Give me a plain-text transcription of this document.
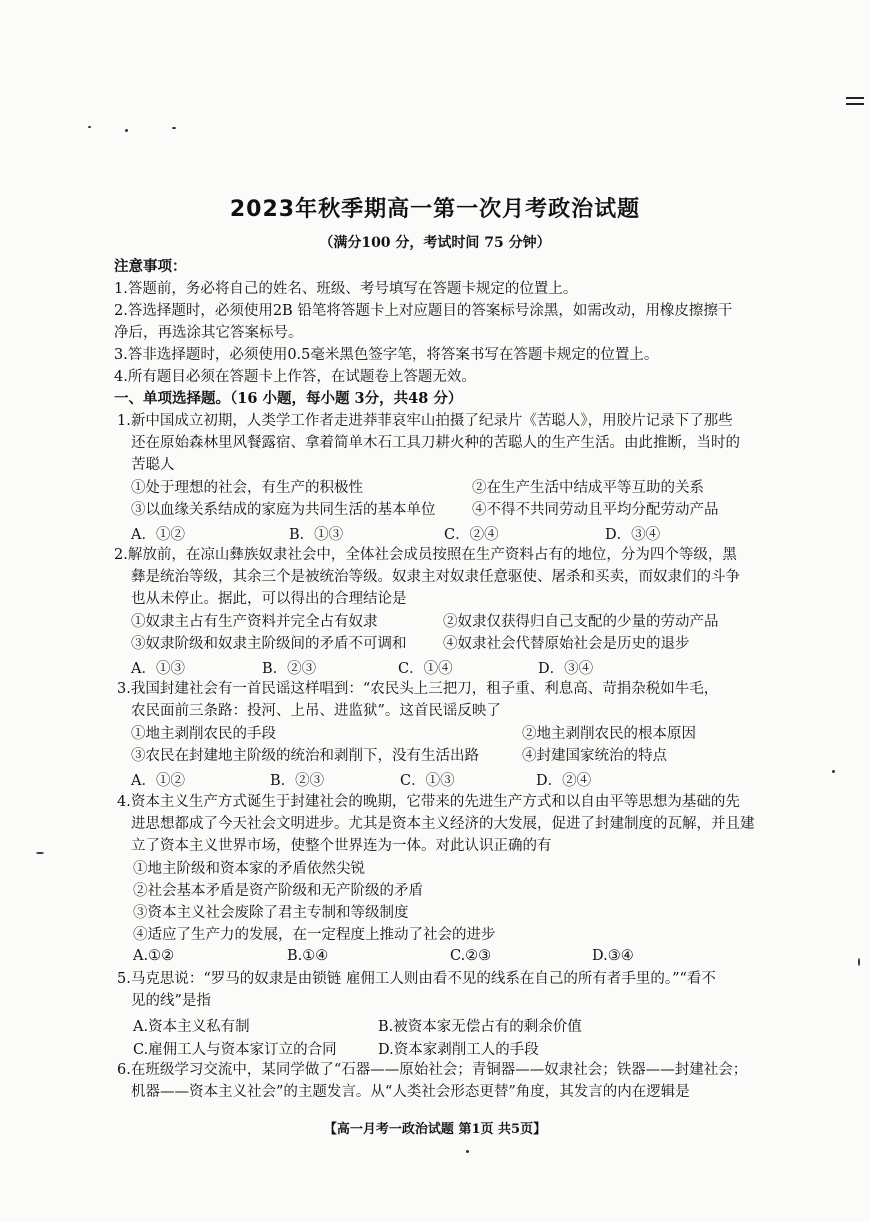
2023年秋季期高一第一次月考政治试题
（满分100 分，考试时间 75 分钟）
注意事项：
1.答题前，务必将自己的姓名、班级、考号填写在答题卡规定的位置上。
2.答选择题时，必须使用2B 铅笔将答题卡上对应题目的答案标号涂黑，如需改动，用橡皮擦擦干
净后，再选涂其它答案标号。
3.答非选择题时，必须使用0.5毫米黑色签字笔，将答案书写在答题卡规定的位置上。
4.所有题目必须在答题卡上作答，在试题卷上答题无效。
一、单项选择题。（16 小题，每小题 3分，共48 分）
1.新中国成立初期，人类学工作者走进莽菲哀牢山拍摄了纪录片《苦聪人》，用胶片记录下了那些
还在原始森林里风餐露宿、拿着简单木石工具刀耕火种的苦聪人的生产生活。由此推断，当时的
苦聪人
①处于理想的社会，有生产的积极性	②在生产生活中结成平等互助的关系
③以血缘关系结成的家庭为共同生活的基本单位	④不得不共同劳动且平均分配劳动产品
A．①②	B．①③	C．②④	D．③④
2.解放前，在凉山彝族奴隶社会中，全体社会成员按照在生产资料占有的地位，分为四个等级，黑
彝是统治等级，其余三个是被统治等级。奴隶主对奴隶任意驱使、屠杀和买卖，而奴隶们的斗争
也从未停止。据此，可以得出的合理结论是
①奴隶主占有生产资料并完全占有奴隶	②奴隶仅获得归自己支配的少量的劳动产品
③奴隶阶级和奴隶主阶级间的矛盾不可调和	④奴隶社会代替原始社会是历史的退步
A．①③	B．②③	C．①④	D．③④
3.我国封建社会有一首民谣这样唱到：“农民头上三把刀，租子重、利息高、苛捐杂税如牛毛，
农民面前三条路：投河、上吊、进监狱”。这首民谣反映了
①地主剥削农民的手段	②地主剥削农民的根本原因
③农民在封建地主阶级的统治和剥削下，没有生活出路	④封建国家统治的特点
A．①②	B．②③	C．①③	D．②④
4.资本主义生产方式诞生于封建社会的晚期，它带来的先进生产方式和以自由平等思想为基础的先
进思想都成了今天社会文明进步。尤其是资本主义经济的大发展，促进了封建制度的瓦解，并且建
立了资本主义世界市场，使整个世界连为一体。对此认识正确的有
①地主阶级和资本家的矛盾依然尖锐
②社会基本矛盾是资产阶级和无产阶级的矛盾
③资本主义社会废除了君主专制和等级制度
④适应了生产力的发展，在一定程度上推动了社会的进步
A.①②	B.①④	C.②③	D.③④
5.马克思说：“罗马的奴隶是由锁链 雇佣工人则由看不见的线系在自己的所有者手里的。”“看不
见的线”是指
A.资本主义私有制	B.被资本家无偿占有的剩余价值
C.雇佣工人与资本家订立的合同	D.资本家剥削工人的手段
6.在班级学习交流中，某同学做了“石器——原始社会；青铜器——奴隶社会；铁器——封建社会；
机器——资本主义社会”的主题发言。从“人类社会形态更替”角度，其发言的内在逻辑是
【高一月考一政治试题 第1页 共5页】
